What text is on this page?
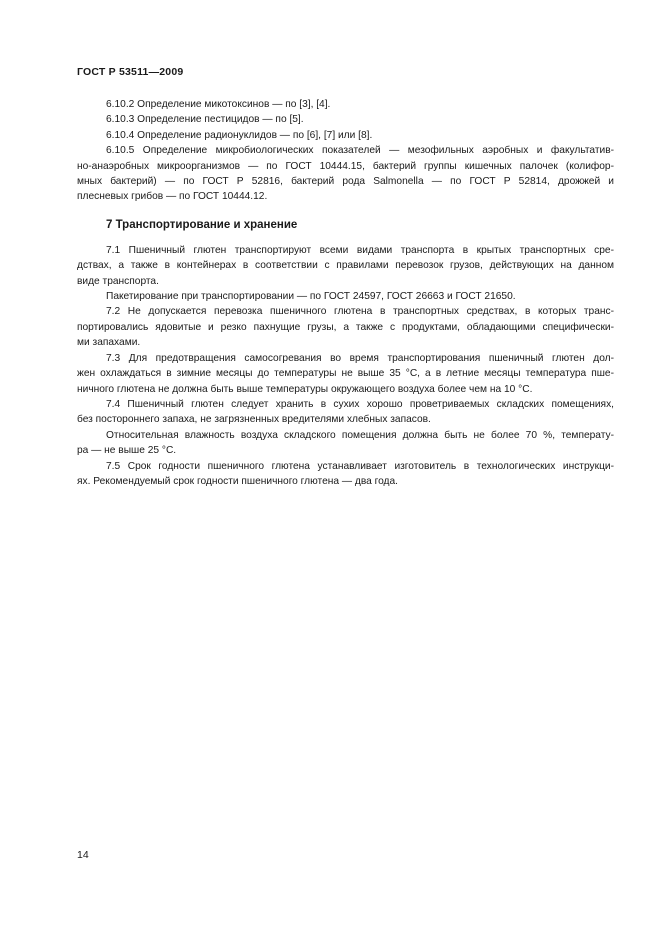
ГОСТ Р 53511—2009

6.10.2 Определение микотоксинов — по [3], [4].

6.10.3 Определение пестицидов — по [5].

6.10.4 Определение радионуклидов — по [6], [7] или [8].

6.10.5 Определение микробиологических показателей — мезофильных аэробных и факультатив-
но-анаэробных микроорганизмов — по ГОСТ 10444.15, бактерий группы кишечных палочек (колифор-
мных бактерий) — по ГОСТ Р 52816, бактерий рода Salmonella — по ГОСТ Р 52814, дрожжей и
плесневых грибов — по ГОСТ 10444.12.
7 Транспортирование и хранение
7.1 Пшеничный глютен транспортируют всеми видами транспорта в крытых транспортных сре-
дствах, а также в контейнерах в соответствии с правилами перевозок грузов, действующих на данном
виде транспорта.
Пакетирование при транспортировании — по ГОСТ 24597, ГОСТ 26663 и ГОСТ 21650.
7.2 Не допускается перевозка пшеничного глютена в транспортных средствах, в которых транс-
портировались ядовитые и резко пахнущие грузы, а также с продуктами, обладающими специфически-
ми запахами.
7.3 Для предотвращения самосогревания во время транспортирования пшеничный глютен дол-
жен охлаждаться в зимние месяцы до температуры не выше 35 °С, а в летние месяцы температура пше-
ничного глютена не должна быть выше температуры окружающего воздуха более чем на 10 °С.
7.4 Пшеничный глютен следует хранить в сухих хорошо проветриваемых складских помещениях,
без постороннего запаха, не загрязненных вредителями хлебных запасов.
Относительная влажность воздуха складского помещения должна быть не более 70 %, температу-
ра — не выше 25 °С.
7.5 Срок годности пшеничного глютена устанавливает изготовитель в технологических инструкци-
ях. Рекомендуемый срок годности пшеничного глютена — два года.
14
